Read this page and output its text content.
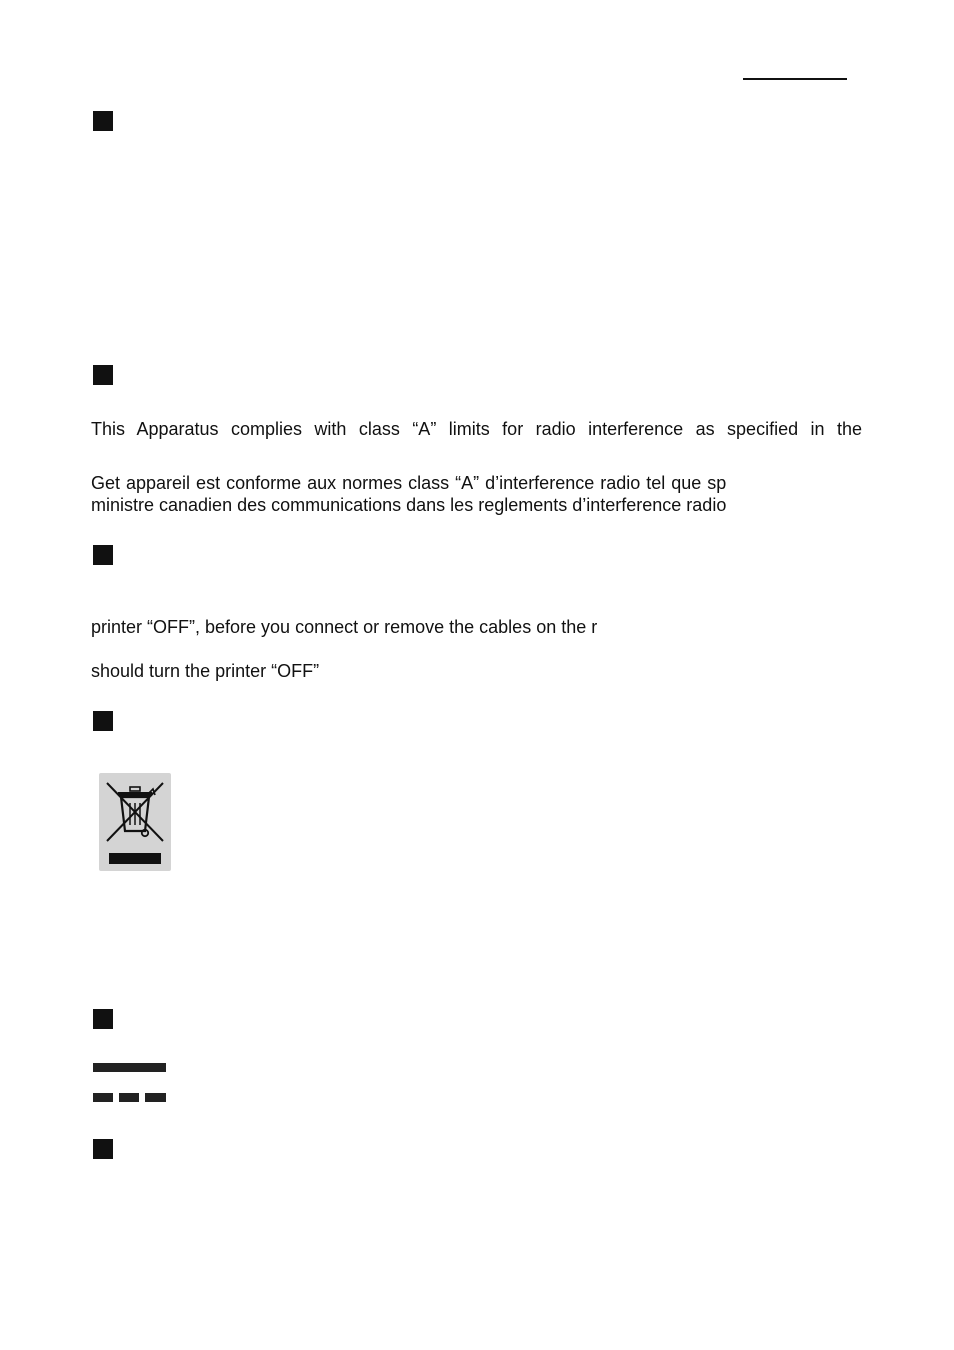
This Apparatus complies with class “A” limits for radio interference as specified in the

Get appareil est conforme aux normes class “A” d’interference radio tel que sp

ministre canadien des communications dans les reglements d’interference radio

printer “OFF”, before you connect or remove the cables on the r

should turn the printer “OFF”
